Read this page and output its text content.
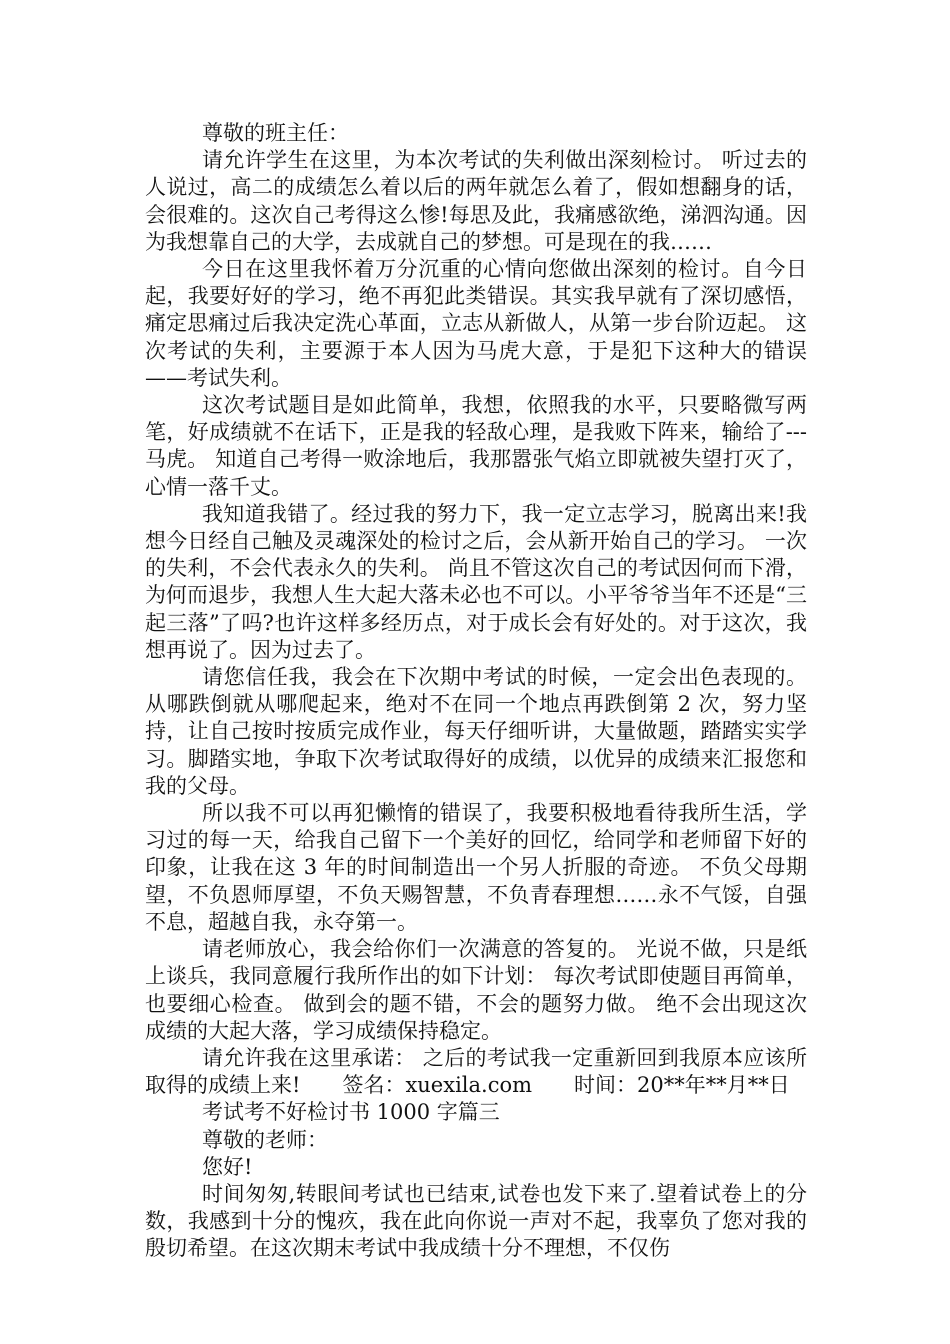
尊敬的班主任：

请允许学生在这里，为本次考试的失利做出深刻检讨。 听过去的人说过，高二的成绩怎么着以后的两年就怎么着了，假如想翻身的话，会很难的。这次自己考得这么惨!每思及此，我痛感欲绝，涕泗沟通。因为我想靠自己的大学，去成就自己的梦想。可是现在的我……

今日在这里我怀着万分沉重的心情向您做出深刻的检讨。自今日起，我要好好的学习，绝不再犯此类错误。其实我早就有了深切感悟，痛定思痛过后我决定洗心革面，立志从新做人，从第一步台阶迈起。 这次考试的失利，主要源于本人因为马虎大意，于是犯下这种大的错误——考试失利。

这次考试题目是如此简单，我想，依照我的水平，只要略微写两笔，好成绩就不在话下，正是我的轻敌心理，是我败下阵来，输给了---马虎。 知道自己考得一败涂地后，我那嚣张气焰立即就被失望打灭了，心情一落千丈。

我知道我错了。经过我的努力下，我一定立志学习，脱离出来!我想今日经自己触及灵魂深处的检讨之后，会从新开始自己的学习。 一次的失利，不会代表永久的失利。 尚且不管这次自己的考试因何而下滑，为何而退步，我想人生大起大落未必也不可以。小平爷爷当年不还是“三起三落”了吗?也许这样多经历点，对于成长会有好处的。对于这次，我想再说了。因为过去了。

请您信任我，我会在下次期中考试的时候，一定会出色表现的。从哪跌倒就从哪爬起来，绝对不在同一个地点再跌倒第 2 次，努力坚持，让自己按时按质完成作业，每天仔细听讲，大量做题，踏踏实实学习。脚踏实地，争取下次考试取得好的成绩，以优异的成绩来汇报您和我的父母。

所以我不可以再犯懒惰的错误了，我要积极地看待我所生活，学习过的每一天，给我自己留下一个美好的回忆，给同学和老师留下好的印象，让我在这 3 年的时间制造出一个另人折服的奇迹。 不负父母期望，不负恩师厚望，不负天赐智慧，不负青春理想……永不气馁，自强不息，超越自我，永夺第一。

请老师放心，我会给你们一次满意的答复的。 光说不做，只是纸上谈兵，我同意履行我所作出的如下计划： 每次考试即使题目再简单，也要细心检查。 做到会的题不错，不会的题努力做。 绝不会出现这次成绩的大起大落，学习成绩保持稳定。

请允许我在这里承诺： 之后的考试我一定重新回到我原本应该所取得的成绩上来!　　签名：xuexila.com　　时间：20**年**月**日

考试考不好检讨书 1000 字篇三

尊敬的老师：

您好!

时间匆匆,转眼间考试也已结束,试卷也发下来了.望着试卷上的分数，我感到十分的愧疚，我在此向你说一声对不起，我辜负了您对我的殷切希望。在这次期末考试中我成绩十分不理想，不仅伤
